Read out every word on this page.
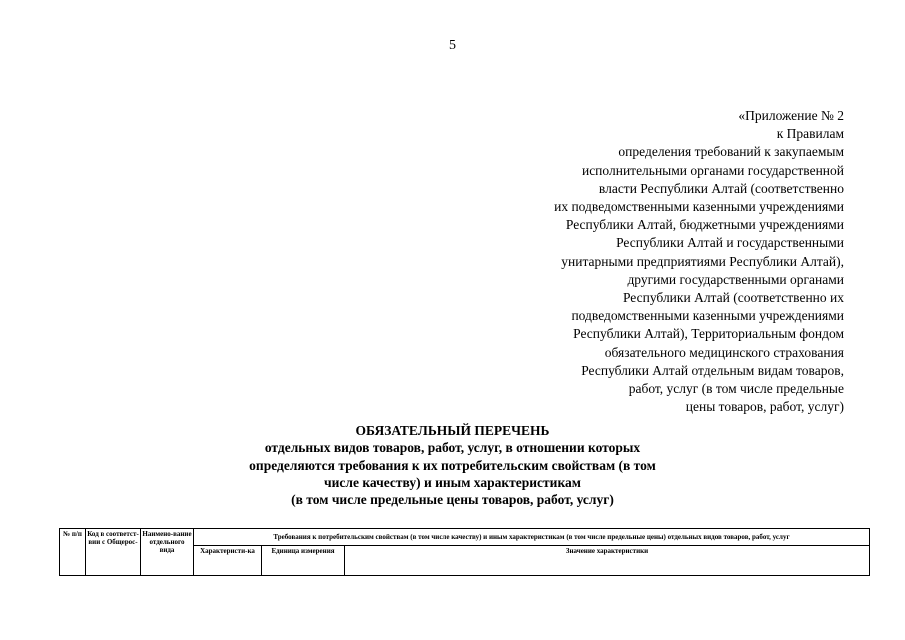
5
«Приложение № 2
к Правилам
определения требований к закупаемым
исполнительными органами государственной
власти Республики Алтай (соответственно
их подведомственными казенными учреждениями
Республики Алтай, бюджетными учреждениями
Республики Алтай и государственными
унитарными предприятиями Республики Алтай),
другими государственными органами
Республики Алтай (соответственно их
подведомственными казенными учреждениями
Республики Алтай), Территориальным фондом
обязательного медицинского страхования
Республики Алтай отдельным видам товаров,
работ, услуг (в том числе предельные
цены товаров, работ, услуг)
ОБЯЗАТЕЛЬНЫЙ ПЕРЕЧЕНЬ
отдельных видов товаров, работ, услуг, в отношении которых
определяются требования к их потребительским свойствам (в том
числе качеству) и иным характеристикам
(в том числе предельные цены товаров, работ, услуг)
№ п/п	Код в соответст-вии с Общерос-	Наимено-вание отдельного вида	Требования к потребительским свойствам (в том числе качеству) и иным характеристикам (в том числе предельные цены) отдельных видов товаров, работ, услуг		
			Характеристи-ка	Единица измерения	Значение характеристики
